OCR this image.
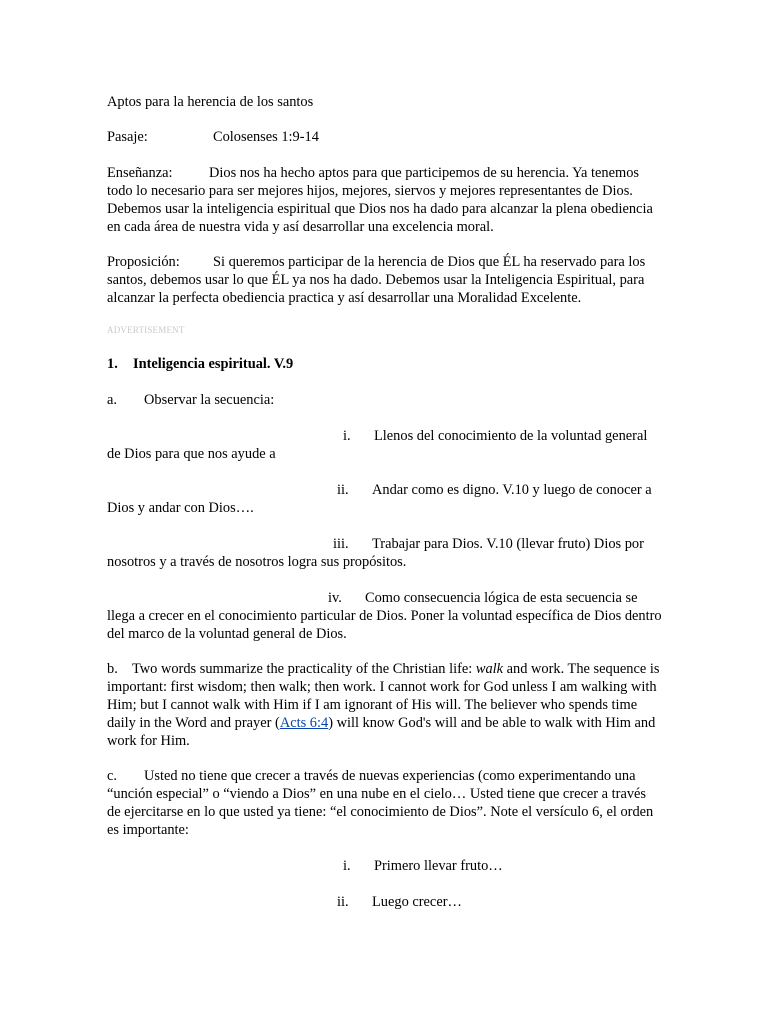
Aptos para la herencia de los santos

Pasaje:	Colosenses 1:9-14

Enseñanza:	Dios nos ha hecho aptos para que participemos de su herencia. Ya tenemos todo lo necesario para ser mejores hijos, mejores, siervos y mejores representantes de Dios. Debemos usar la inteligencia espiritual que Dios nos ha dado para alcanzar la plena obediencia en cada área de nuestra vida y así desarrollar una excelencia moral.

Proposición: Si queremos participar de la herencia de Dios que ÉL ha reservado para los santos, debemos usar lo que ÉL ya nos ha dado. Debemos usar la Inteligencia Espiritual, para alcanzar la perfecta obediencia practica y así desarrollar una Moralidad Excelente.

ADVERTISEMENT

1. Inteligencia espiritual. V.9

a. Observar la secuencia:

i. Llenos del conocimiento de la voluntad general de Dios para que nos ayude a

ii. Andar como es digno. V.10 y luego de conocer a Dios y andar con Dios….

iii. Trabajar para Dios. V.10 (llevar fruto) Dios por nosotros y a través de nosotros logra sus propósitos.

iv. Como consecuencia lógica de esta secuencia se llega a crecer en el conocimiento particular de Dios. Poner la voluntad específica de Dios dentro del marco de la voluntad general de Dios.

b. Two words summarize the practicality of the Christian life: walk and work. The sequence is important: first wisdom; then walk; then work. I cannot work for God unless I am walking with Him; but I cannot walk with Him if I am ignorant of His will. The believer who spends time daily in the Word and prayer (Acts 6:4) will know God's will and be able to walk with Him and work for Him.

c. Usted no tiene que crecer a través de nuevas experiencias (como experimentando una “unción especial” o “viendo a Dios” en una nube en el cielo… Usted tiene que crecer a través de ejercitarse en lo que usted ya tiene: “el conocimiento de Dios”. Note el versículo 6, el orden es importante:

i. Primero llevar fruto…

ii. Luego crecer…
